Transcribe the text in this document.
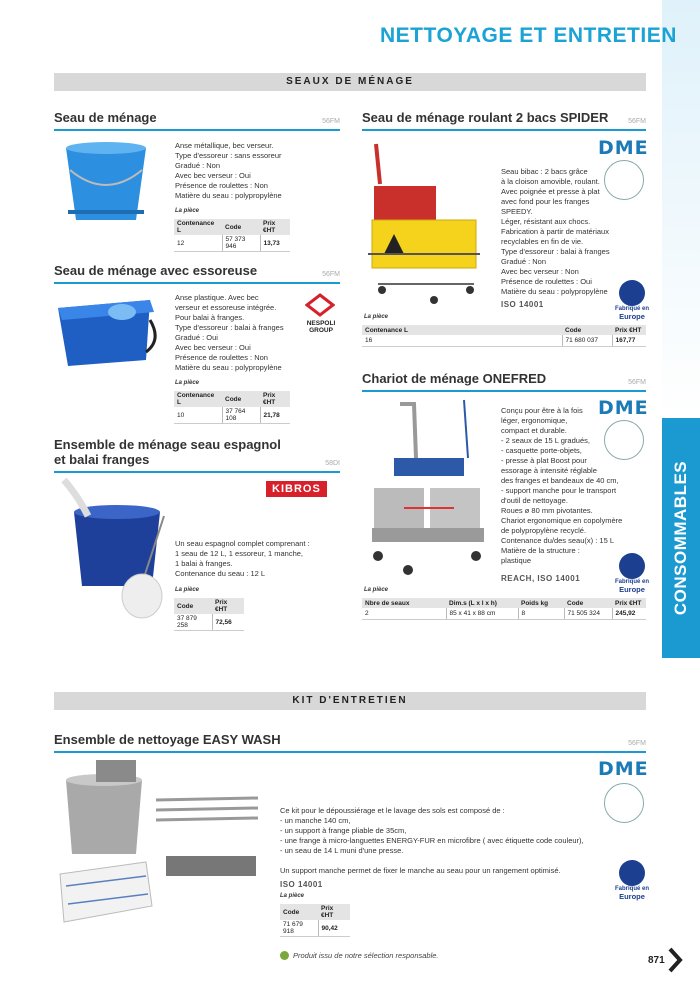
NETTOYAGE ET ENTRETIEN
CONSOMMABLES
SEAUX DE MÉNAGE
Seau de ménage	56FM
Anse métallique, bec verseur.
Type d'essoreur : sans essoreur
Gradué : Non
Avec bec verseur : Oui
Présence de roulettes : Non
Matière du seau : polypropylène
La pièce
Contenance L	Code	Prix €HT
12	57 373 946	13,73
Seau de ménage avec essoreuse	56FM
Anse plastique. Avec bec
verseur et essoreuse intégrée.
Pour balai à franges.
Type d'essoreur : balai à franges
Gradué : Oui
Avec bec verseur : Oui
Présence de roulettes : Non
Matière du seau : polypropylène
NESPOLI GROUP
La pièce
Contenance L	Code	Prix €HT
10	37 764 108	21,78
Ensemble de ménage seau espagnol
et balai franges	58DI
KIBROS
Un seau espagnol complet comprenant :
1 seau de 12 L, 1 essoreur, 1 manche,
1 balai à franges.
Contenance du seau : 12 L
La pièce
Code	Prix €HT
37 879 258	72,56
Seau de ménage roulant 2 bacs SPIDER	56FM
DME
Seau bibac : 2 bacs grâce
à la cloison amovible, roulant.
Avec poignée et presse à plat
avec fond pour les franges
SPEEDY.
Léger, résistant aux chocs.
Fabrication à partir de matériaux
recyclables en fin de vie.
Type d'essoreur : balai à franges
Gradué : Non
Avec bec verseur : Non
Présence de roulettes : Oui
Matière du seau : polypropylène
ISO 14001	Fabriqué en
Europe
La pièce
Contenance L	Code	Prix €HT
16	71 680 037	167,77
Chariot de ménage ONEFRED	56FM
DME
Conçu pour être à la fois
léger, ergonomique,
compact et durable.
- 2 seaux de 15 L gradués,
- casquette porte-objets,
- presse à plat Boost pour
essorage à intensité réglable
des franges et bandeaux de 40 cm,
- support manche pour le transport
d'outil de nettoyage.
Roues ø 80 mm pivotantes.
Chariot ergonomique en copolymère
de polypropylène recyclé.
Contenance du/des seau(x) : 15 L
Matière de la structure :
plastique
REACH, ISO 14001	Fabriqué en
Europe
La pièce
Nbre de seaux	Dim.s (L x l x h)	Poids kg	Code	Prix €HT
2	85 x 41 x 88 cm	8	71 505 324	245,92
KIT D'ENTRETIEN
Ensemble de nettoyage EASY WASH	56FM
Ce kit pour le dépoussiérage et le lavage des sols est composé de :
- un manche 140 cm,
- un support à frange pliable de 35cm,
- une frange à micro-languettes ENERGY-FUR en microfibre ( avec étiquette code couleur),
- un seau de 14 L muni d'une presse.
Un support manche permet de fixer le manche au seau pour un rangement optimisé.
ISO 14001
La pièce
Code	Prix €HT
71 679 918	90,42
DME
Fabriqué en
Europe
Produit issu de notre sélection responsable.	871
